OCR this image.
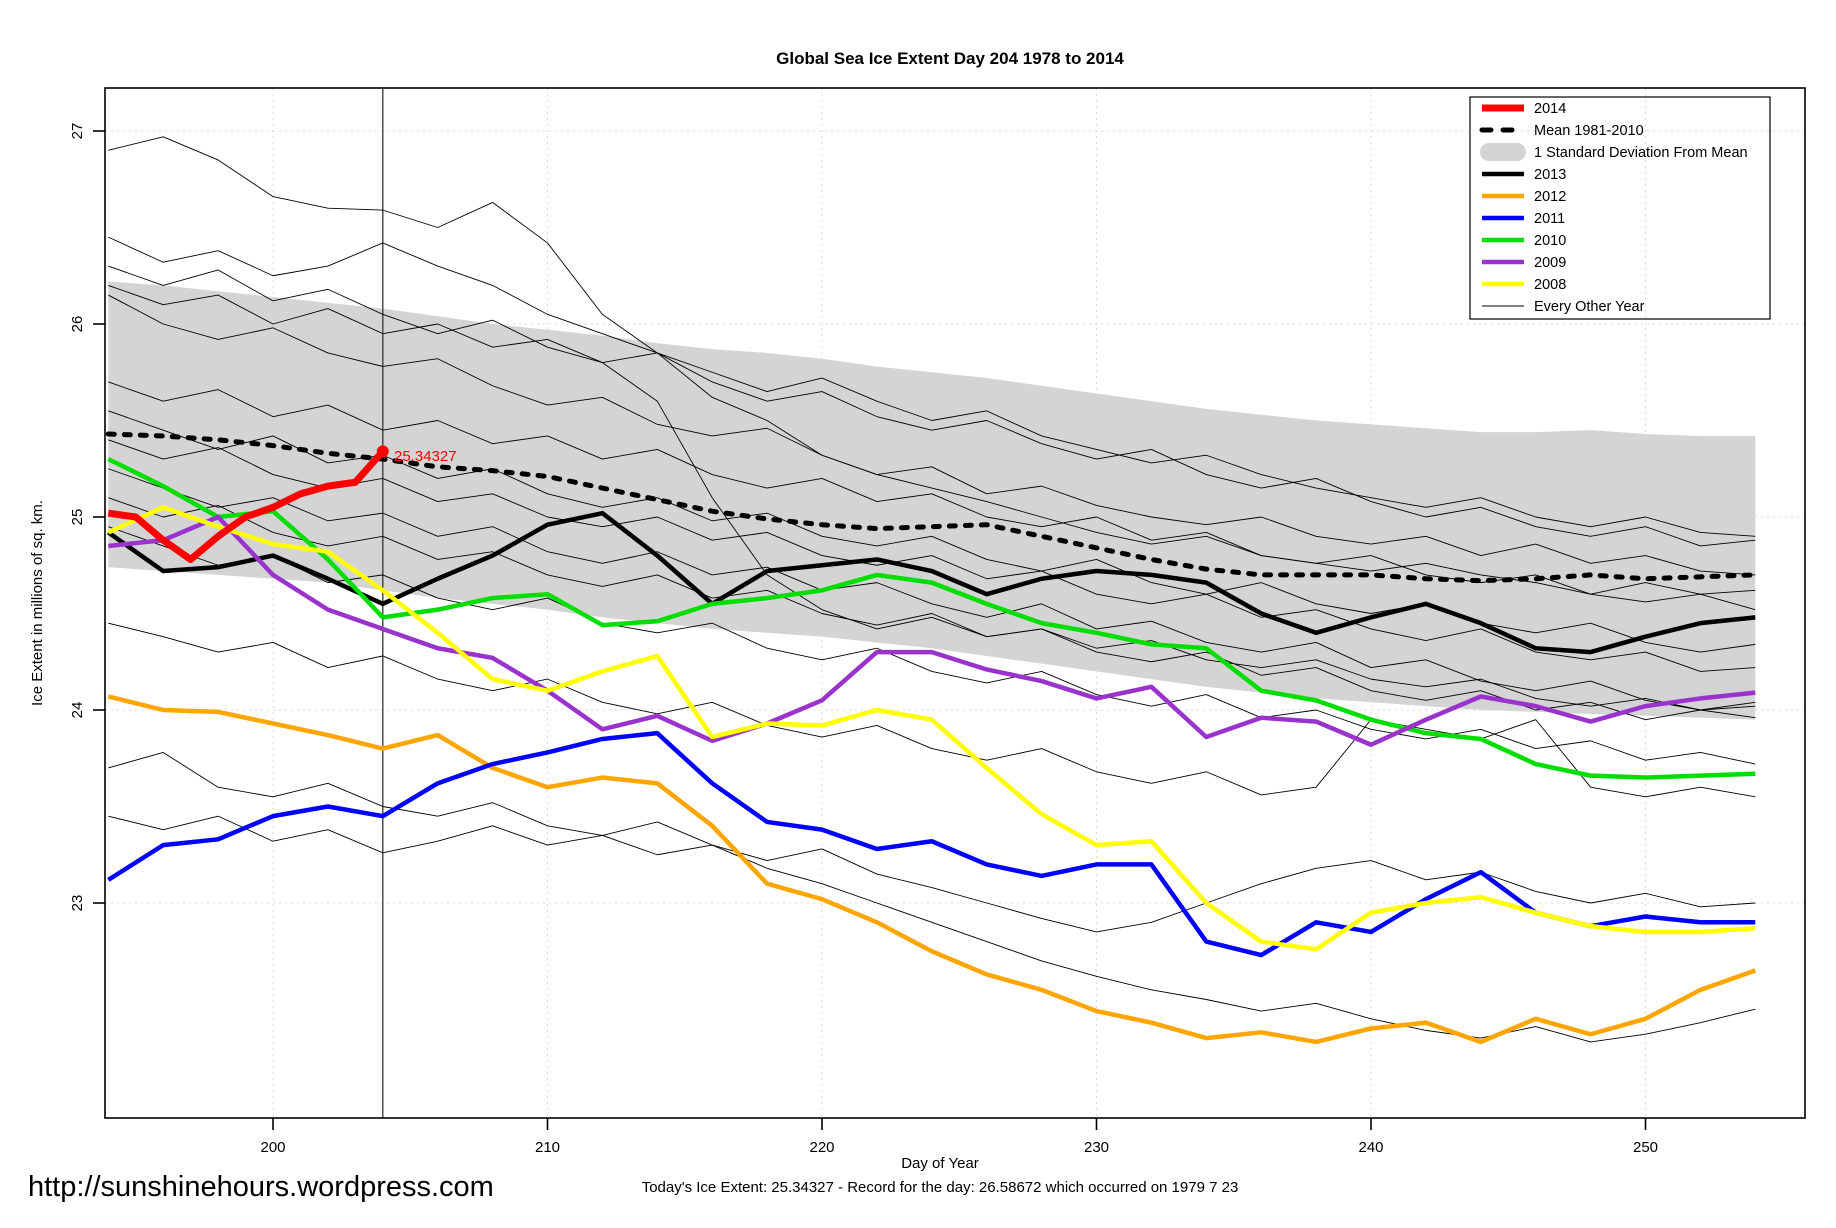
200	210	220	230	240	250
23
24
25
26
27
2014
Mean 1981-2010
1 Standard Deviation From Mean
2013
2012
2011
2010
2009
2008
Every Other Year
Global Sea Ice Extent Day 204 1978 to 2014
25.34327
Ice Extent in millions of sq. km.
Day of Year
http://sunshinehours.wordpress.com	Today's Ice Extent: 25.34327 - Record for the day: 26.58672 which occurred on 1979 7 23
